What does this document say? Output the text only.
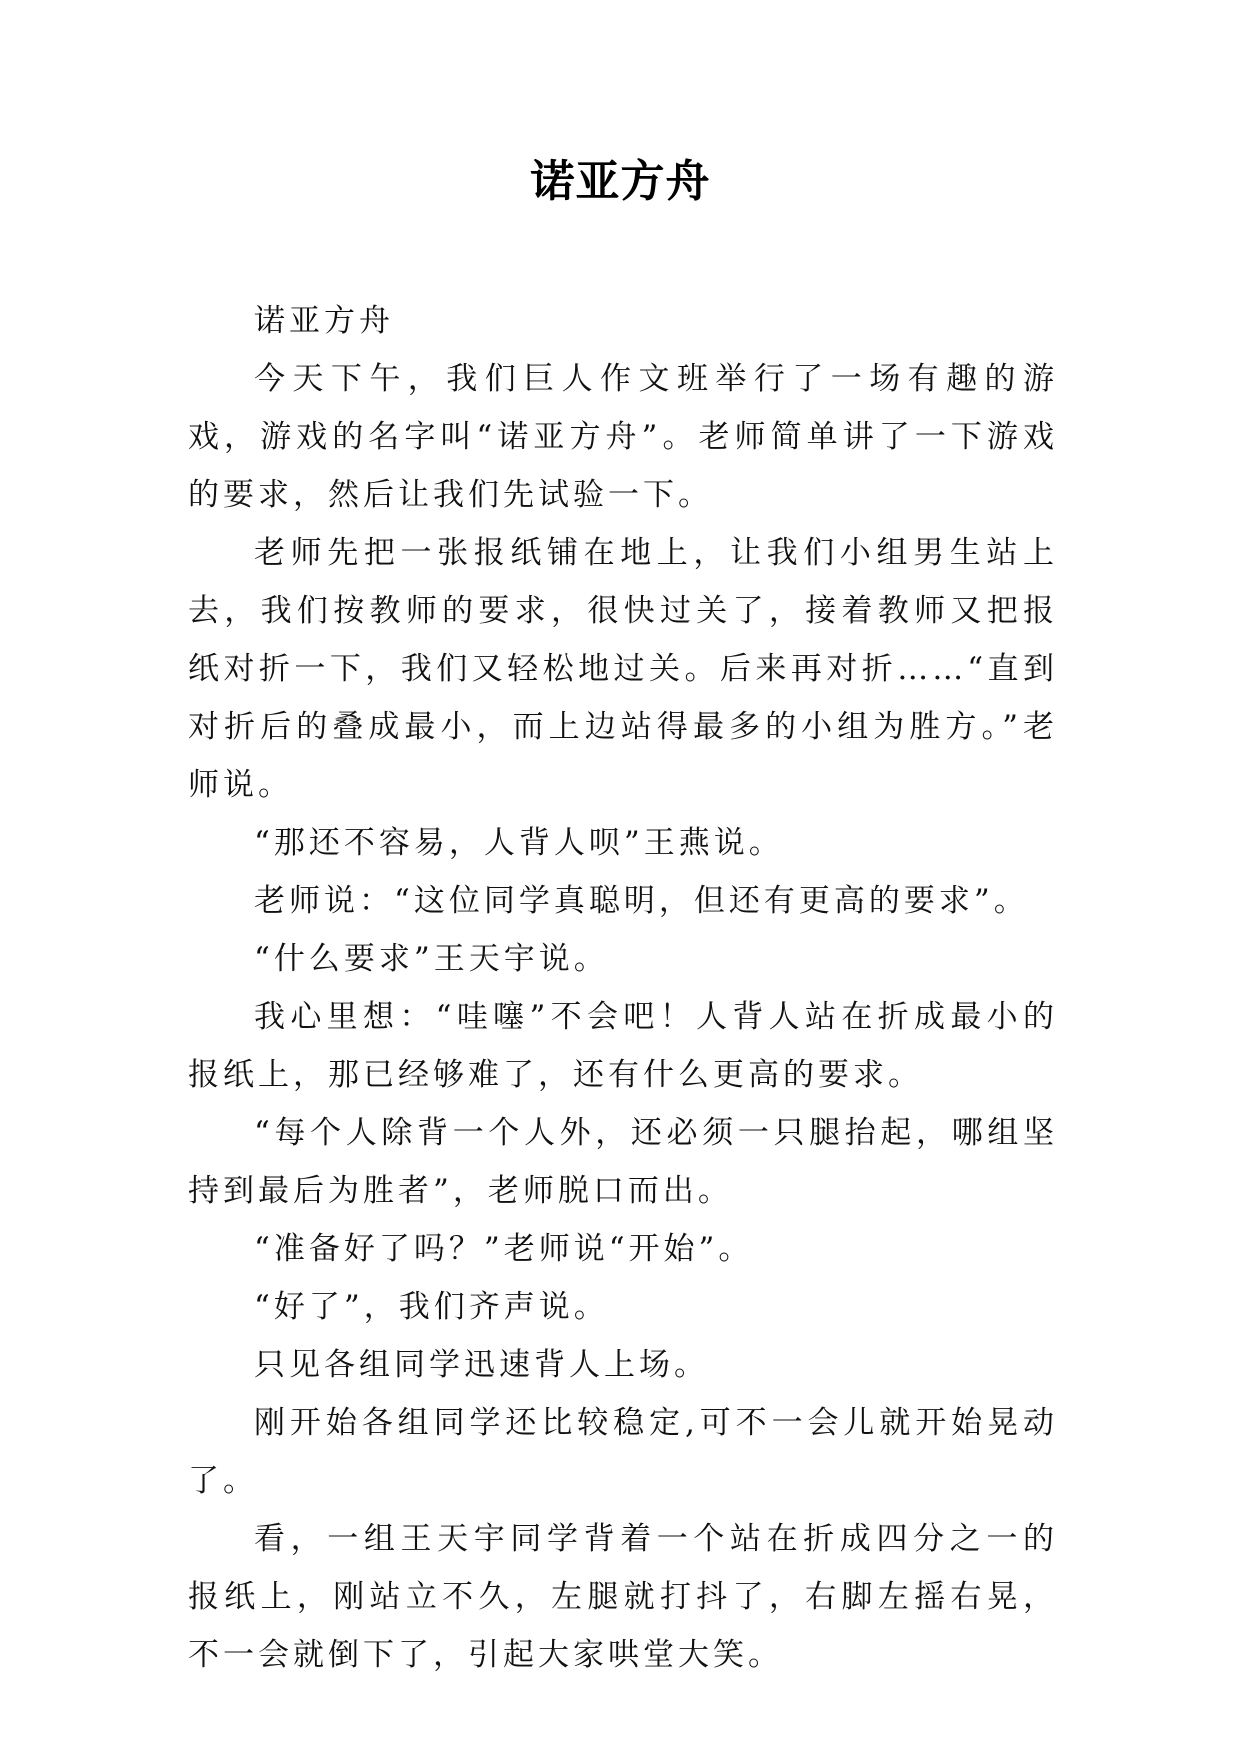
诺亚方舟

诺亚方舟

今天下午，我们巨人作文班举行了一场有趣的游戏，游戏的名字叫“诺亚方舟”。老师简单讲了一下游戏的要求，然后让我们先试验一下。

老师先把一张报纸铺在地上，让我们小组男生站上去，我们按教师的要求，很快过关了，接着教师又把报纸对折一下，我们又轻松地过关。后来再对折……“直到对折后的叠成最小，而上边站得最多的小组为胜方。”老师说。

“那还不容易，人背人呗”王燕说。

老师说：“这位同学真聪明，但还有更高的要求”。

“什么要求”王天宇说。

我心里想：“哇噻”不会吧！人背人站在折成最小的报纸上，那已经够难了，还有什么更高的要求。

“每个人除背一个人外，还必须一只腿抬起，哪组坚持到最后为胜者”，老师脱口而出。

“准备好了吗？”老师说“开始”。

“好了”，我们齐声说。

只见各组同学迅速背人上场。

刚开始各组同学还比较稳定,可不一会儿就开始晃动了。

看，一组王天宇同学背着一个站在折成四分之一的报纸上，刚站立不久，左腿就打抖了，右脚左摇右晃，不一会就倒下了，引起大家哄堂大笑。
